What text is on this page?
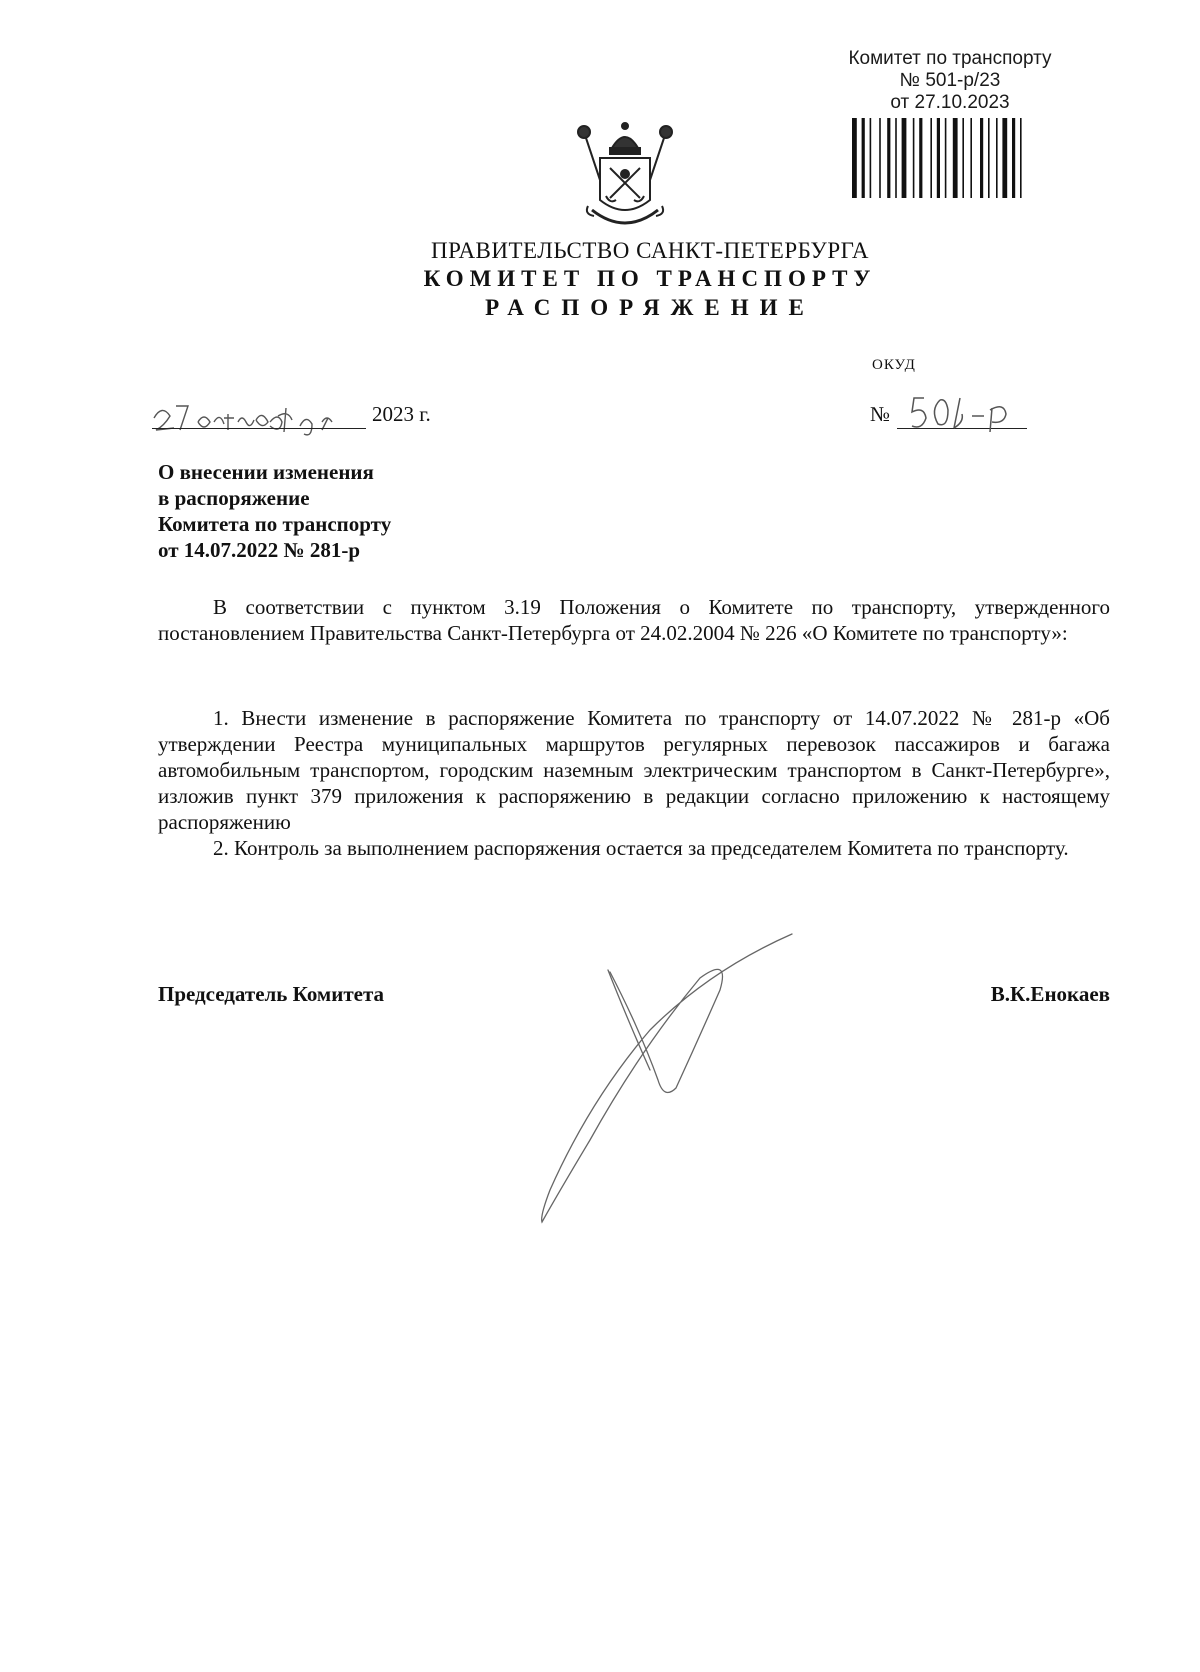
Комитет по транспорту
№ 501-р/23
от 27.10.2023
ПРАВИТЕЛЬСТВО САНКТ-ПЕТЕРБУРГА
КОМИТЕТ ПО ТРАНСПОРТУ
РАСПОРЯЖЕНИЕ
ОКУД
2023 г.	№
О внесении изменения
в распоряжение
Комитета по транспорту
от 14.07.2022 № 281-р

В соответствии с пунктом 3.19 Положения о Комитете по транспорту, утвержденного постановлением Правительства Санкт-Петербурга от 24.02.2004 № 226 «О Комитете по транспорту»:

1. Внести изменение в распоряжение Комитета по транспорту от 14.07.2022 № 281-р «Об утверждении Реестра муниципальных маршрутов регулярных перевозок пассажиров и багажа автомобильным транспортом, городским наземным электрическим транспортом в Санкт-Петербурге», изложив пункт 379 приложения к распоряжению в редакции согласно приложению к настоящему распоряжению

2. Контроль за выполнением распоряжения остается за председателем Комитета по транспорту.

Председатель Комитета	В.К.Енокаев
